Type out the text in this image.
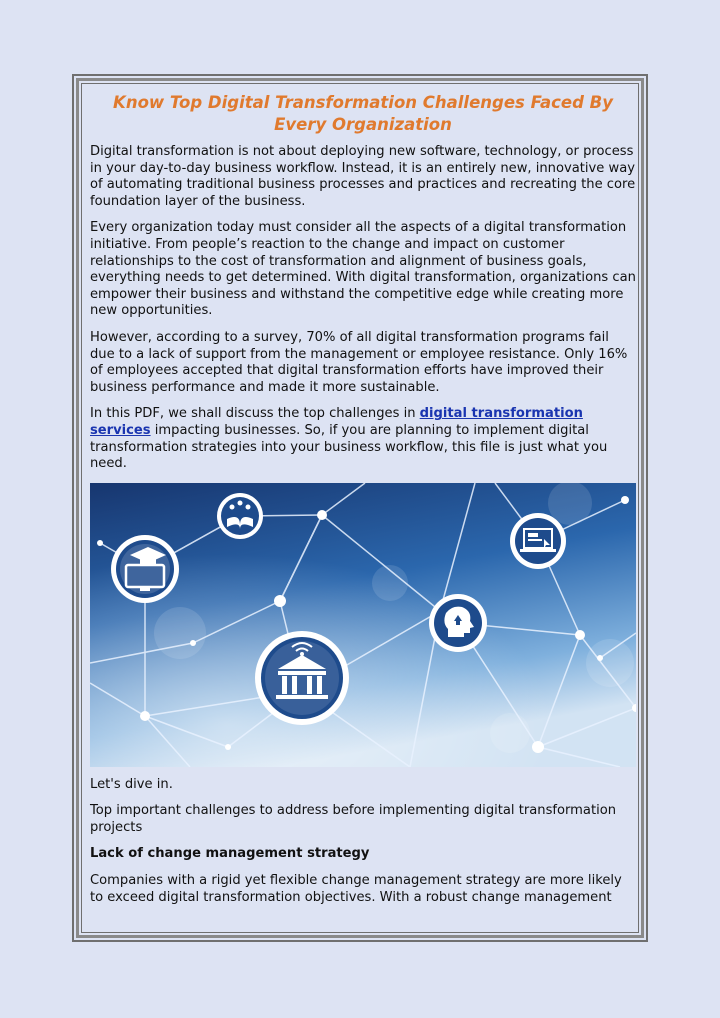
Know Top Digital Transformation Challenges Faced By Every Organization

Digital transformation is not about deploying new software, technology, or process in your day-to-day business workflow. Instead, it is an entirely new, innovative way of automating traditional business processes and practices and recreating the core foundation layer of the business.

Every organization today must consider all the aspects of a digital transformation initiative. From people’s reaction to the change and impact on customer relationships to the cost of transformation and alignment of business goals, everything needs to get determined. With digital transformation, organizations can empower their business and withstand the competitive edge while creating more new opportunities.

However, according to a survey, 70% of all digital transformation programs fail due to a lack of support from the management or employee resistance. Only 16% of employees accepted that digital transformation efforts have improved their business performance and made it more sustainable.

In this PDF, we shall discuss the top challenges in digital transformation services impacting businesses. So, if you are planning to implement digital transformation strategies into your business workflow, this file is just what you need.

Let's dive in.

Top important challenges to address before implementing digital transformation projects

Lack of change management strategy

Companies with a rigid yet flexible change management strategy are more likely to exceed digital transformation objectives. With a robust change management
